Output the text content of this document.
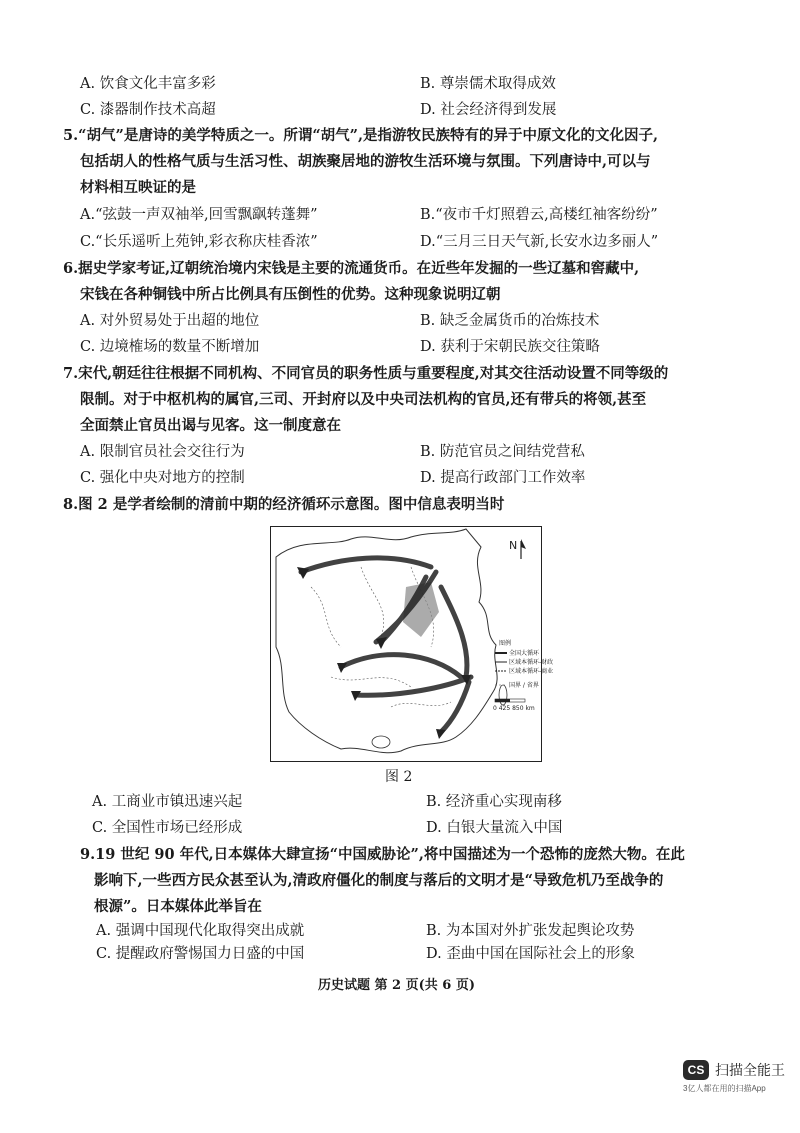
A. 饮食文化丰富多彩	B. 尊崇儒术取得成效
C. 漆器制作技术高超	D. 社会经济得到发展
5.“胡气”是唐诗的美学特质之一。所谓“胡气”,是指游牧民族特有的异于中原文化的文化因子,
包括胡人的性格气质与生活习性、胡族聚居地的游牧生活环境与氛围。下列唐诗中,可以与
材料相互映证的是
A.“弦鼓一声双袖举,回雪飘飖转蓬舞”	B.“夜市千灯照碧云,高楼红袖客纷纷”
C.“长乐遥听上苑钟,彩衣称庆桂香浓”	D.“三月三日天气新,长安水边多丽人”
6.据史学家考证,辽朝统治境内宋钱是主要的流通货币。在近些年发掘的一些辽墓和窖藏中,
宋钱在各种铜钱中所占比例具有压倒性的优势。这种现象说明辽朝
A. 对外贸易处于出超的地位	B. 缺乏金属货币的冶炼技术
C. 边境榷场的数量不断增加	D. 获利于宋朝民族交往策略
7.宋代,朝廷往往根据不同机构、不同官员的职务性质与重要程度,对其交往活动设置不同等级的
限制。对于中枢机构的属官,三司、开封府以及中央司法机构的官员,还有带兵的将领,甚至
全面禁止官员出谒与见客。这一制度意在
A. 限制官员社会交往行为	B. 防范官员之间结党营私
C. 强化中央对地方的控制	D. 提高行政部门工作效率
8.图 2 是学者绘制的清前中期的经济循环示意图。图中信息表明当时
N
图例
全国大循环
区域本循环-财政
区域本循环-商业
国界 / 省界
0 425 850 km
图 2
A. 工商业市镇迅速兴起	B. 经济重心实现南移
C. 全国性市场已经形成	D. 白银大量流入中国
9.19 世纪 90 年代,日本媒体大肆宣扬“中国威胁论”,将中国描述为一个恐怖的庞然大物。在此
影响下,一些西方民众甚至认为,清政府僵化的制度与落后的文明才是“导致危机乃至战争的
根源”。日本媒体此举旨在
A. 强调中国现代化取得突出成就	B. 为本国对外扩张发起舆论攻势
C. 提醒政府警惕国力日盛的中国	D. 歪曲中国在国际社会上的形象
历史试题 第 2 页(共 6 页)
CS 扫描全能王
3亿人都在用的扫描App
